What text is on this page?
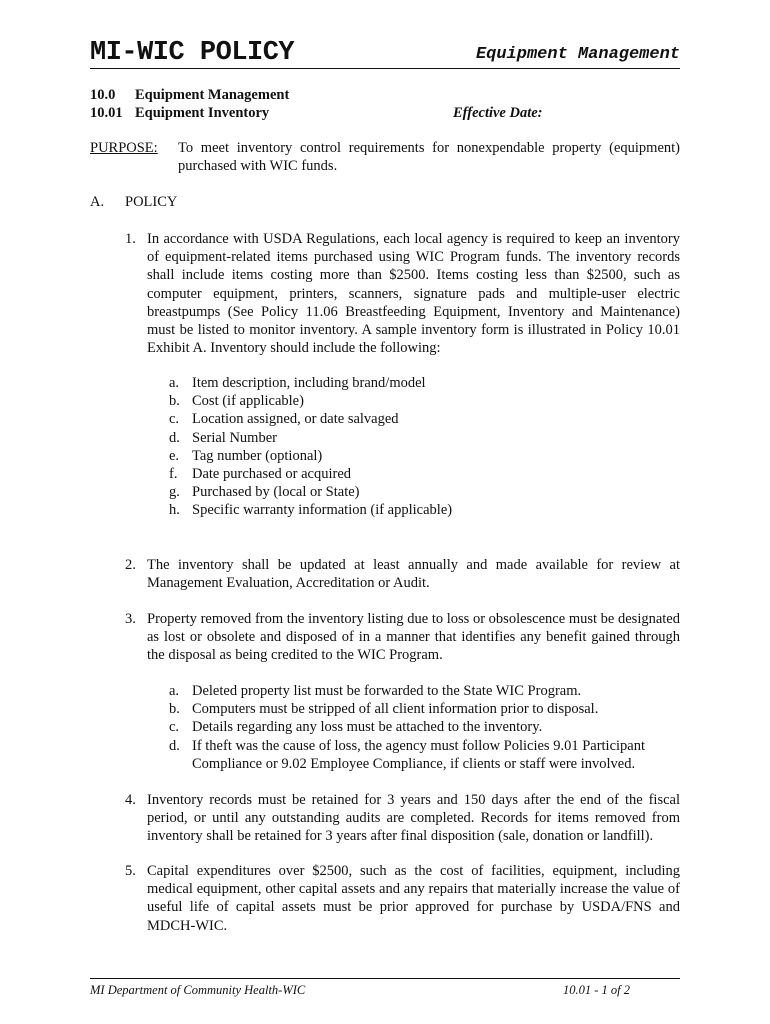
MI-WIC POLICY	Equipment Management
10.0 Equipment Management
10.01 Equipment Inventory	Effective Date:
PURPOSE: To meet inventory control requirements for nonexpendable property (equipment) purchased with WIC funds.
A. POLICY
1. In accordance with USDA Regulations, each local agency is required to keep an inventory of equipment-related items purchased using WIC Program funds. The inventory records shall include items costing more than $2500. Items costing less than $2500, such as computer equipment, printers, scanners, signature pads and multiple-user electric breastpumps (See Policy 11.06 Breastfeeding Equipment, Inventory and Maintenance) must be listed to monitor inventory. A sample inventory form is illustrated in Policy 10.01 Exhibit A. Inventory should include the following:
a. Item description, including brand/model
b. Cost (if applicable)
c. Location assigned, or date salvaged
d. Serial Number
e. Tag number (optional)
f. Date purchased or acquired
g. Purchased by (local or State)
h. Specific warranty information (if applicable)
2. The inventory shall be updated at least annually and made available for review at Management Evaluation, Accreditation or Audit.
3. Property removed from the inventory listing due to loss or obsolescence must be designated as lost or obsolete and disposed of in a manner that identifies any benefit gained through the disposal as being credited to the WIC Program.
a. Deleted property list must be forwarded to the State WIC Program.
b. Computers must be stripped of all client information prior to disposal.
c. Details regarding any loss must be attached to the inventory.
d. If theft was the cause of loss, the agency must follow Policies 9.01 Participant Compliance or 9.02 Employee Compliance, if clients or staff were involved.
4. Inventory records must be retained for 3 years and 150 days after the end of the fiscal period, or until any outstanding audits are completed. Records for items removed from inventory shall be retained for 3 years after final disposition (sale, donation or landfill).
5. Capital expenditures over $2500, such as the cost of facilities, equipment, including medical equipment, other capital assets and any repairs that materially increase the value of useful life of capital assets must be prior approved for purchase by USDA/FNS and MDCH-WIC.
MI Department of Community Health-WIC	10.01 - 1 of 2
